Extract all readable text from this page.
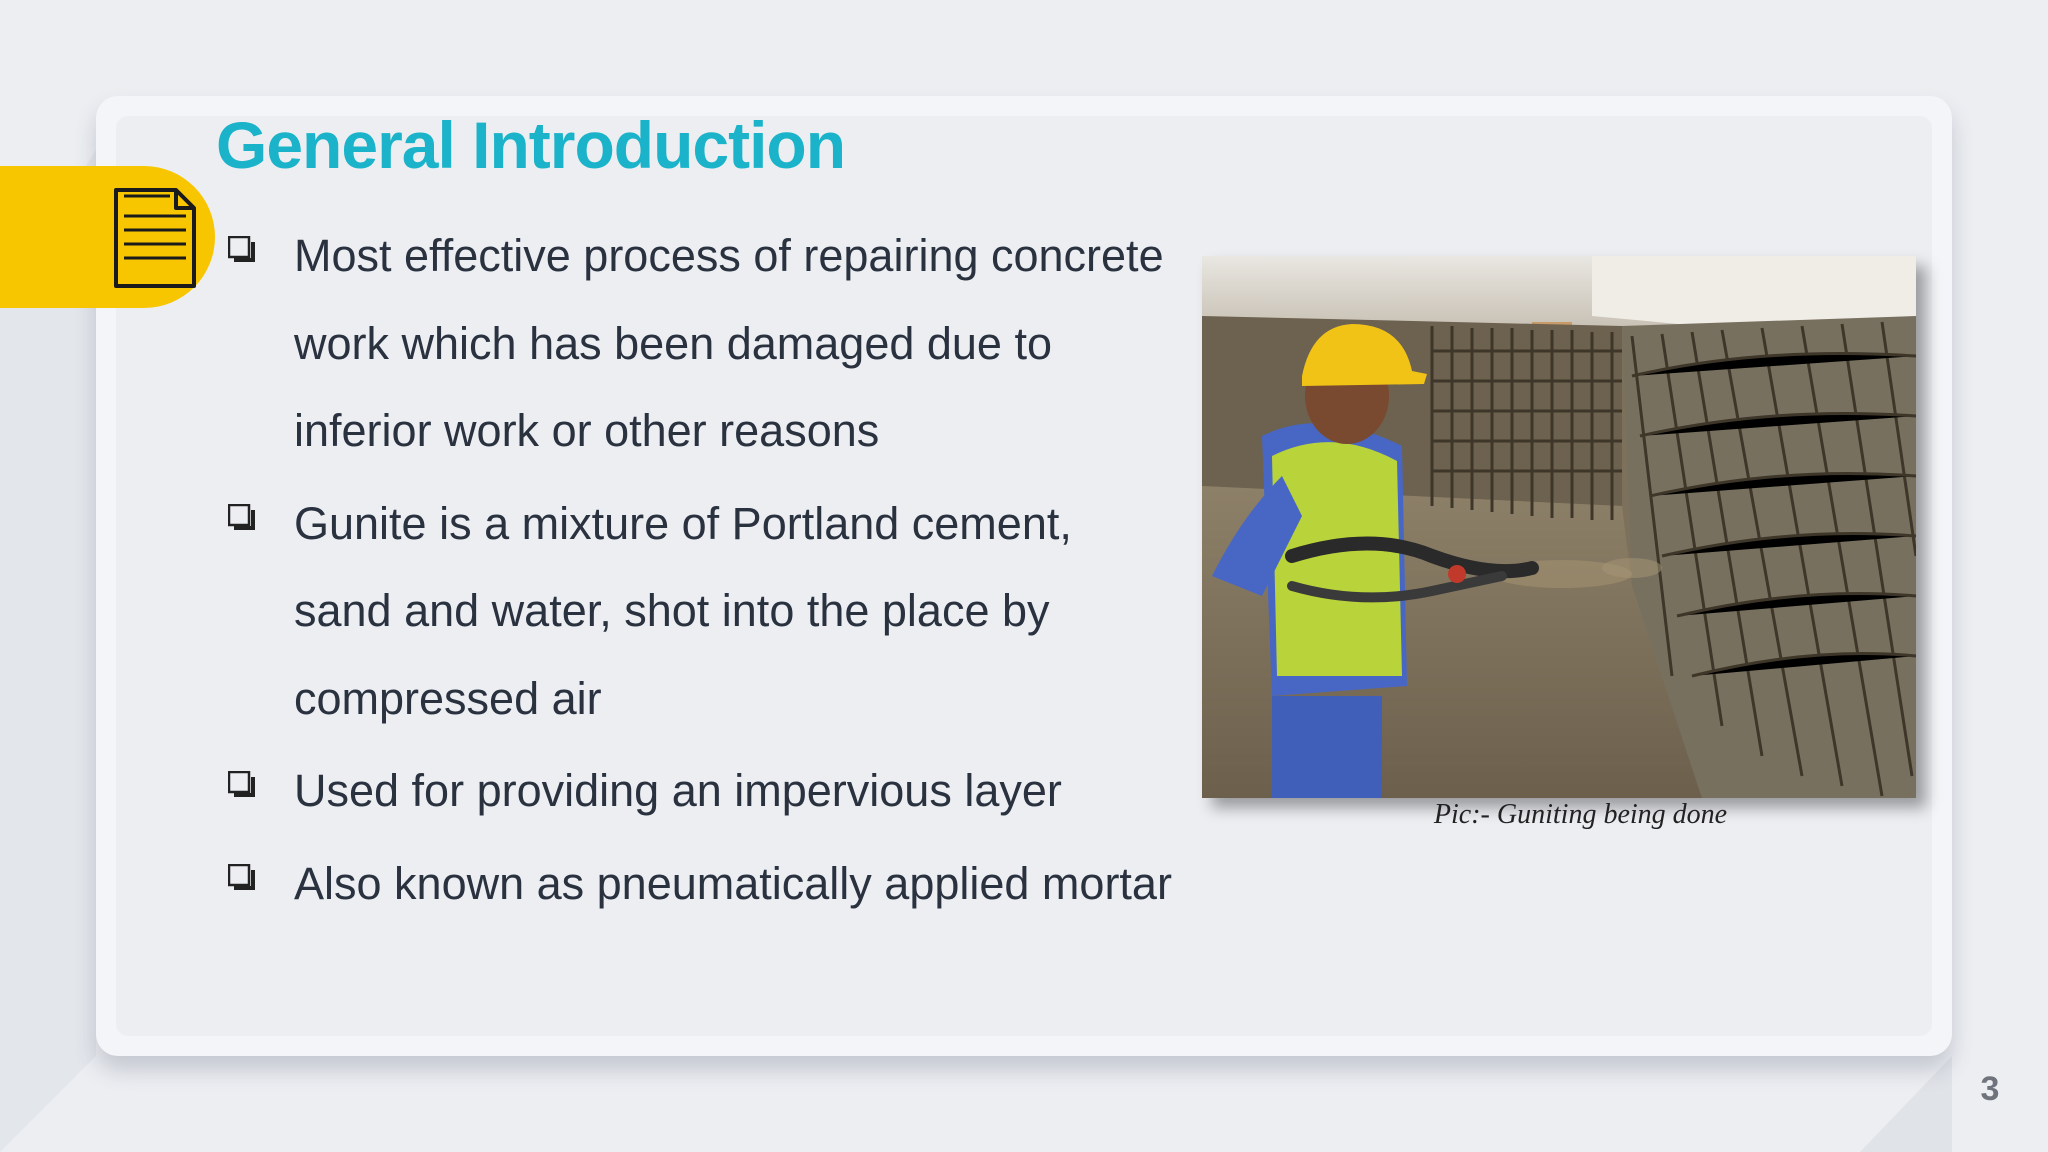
General Introduction
Most effective process of repairing concrete work which has been damaged due to inferior work or other reasons
Gunite is a mixture of Portland cement, sand and water, shot into the place by compressed air
Used for providing an impervious layer
Also known as pneumatically applied mortar
Pic:- Guniting being done
3
